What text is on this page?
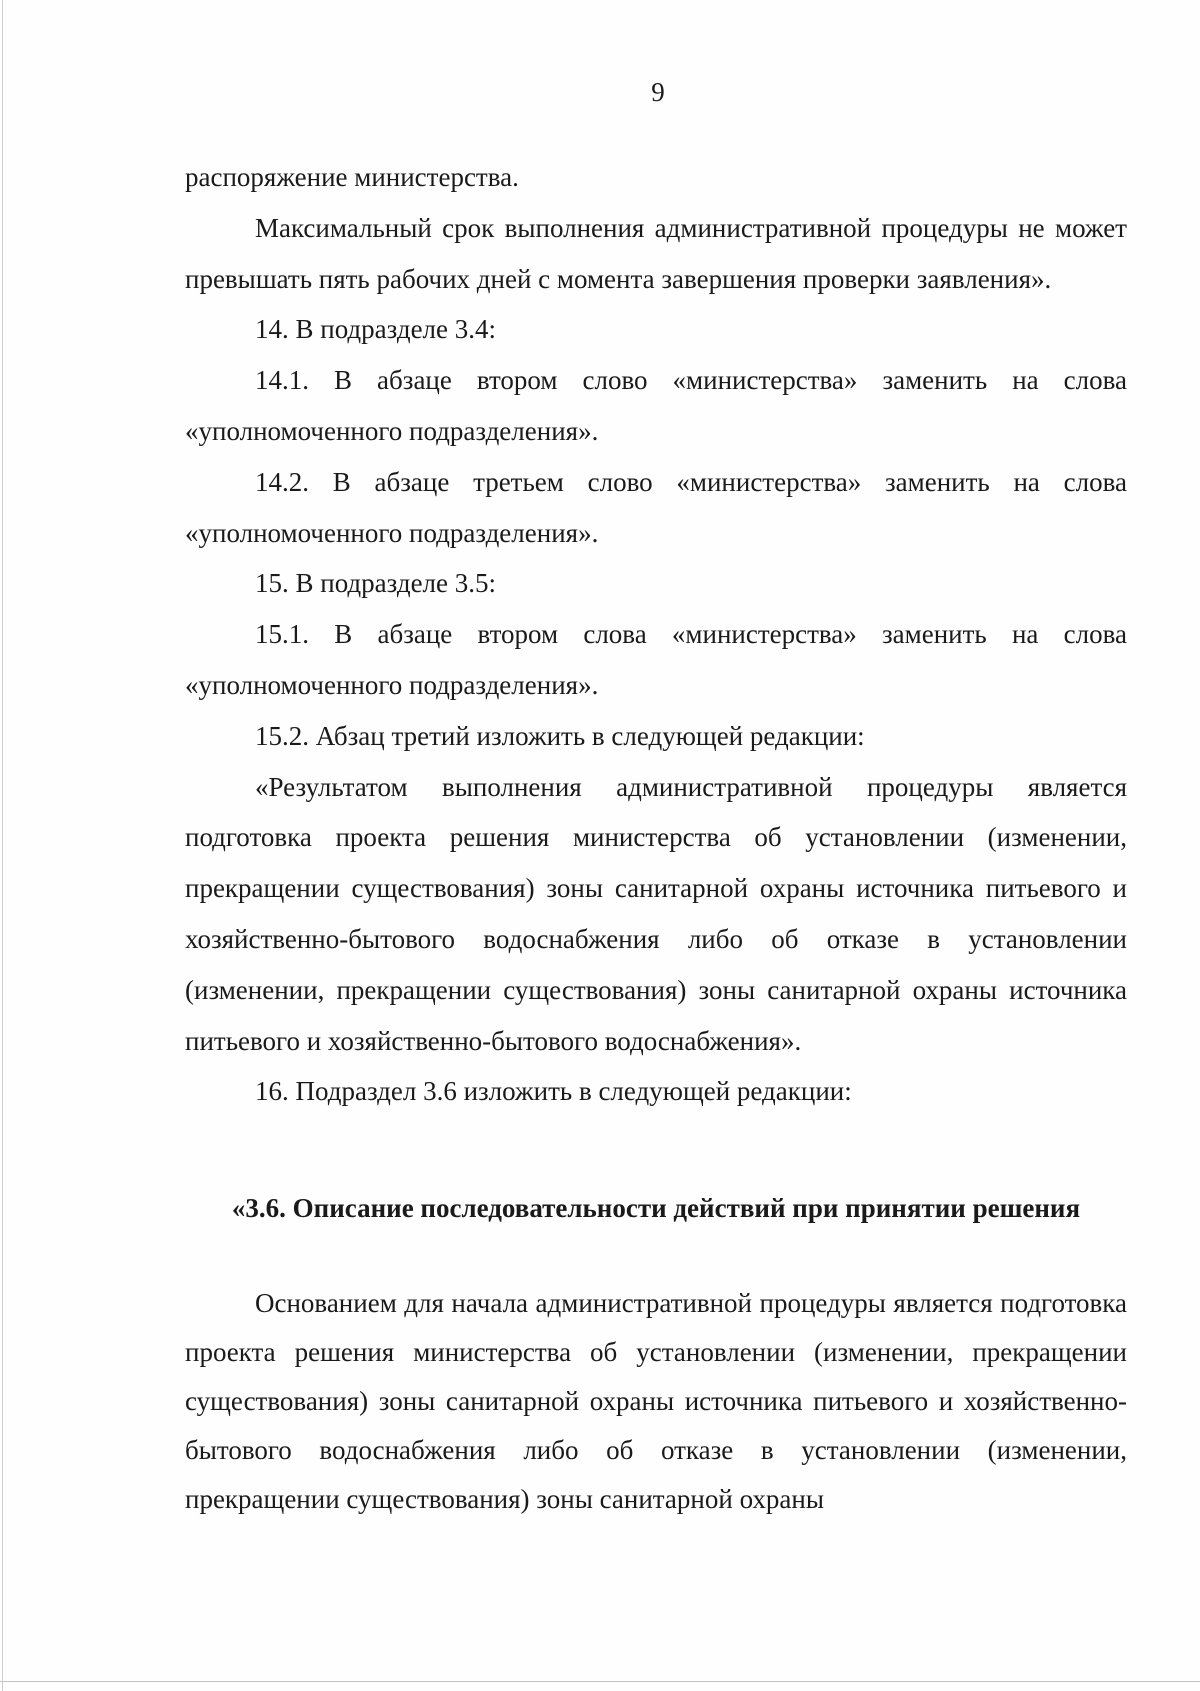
9

распоряжение министерства.

Максимальный срок выполнения административной процедуры не может превышать пять рабочих дней с момента завершения проверки заявления».

14. В подразделе 3.4:

14.1. В абзаце втором слово «министерства» заменить на слова «уполномоченного подразделения».

14.2. В абзаце третьем слово «министерства» заменить на слова «уполномоченного подразделения».

15. В подразделе 3.5:

15.1. В абзаце втором слова «министерства» заменить на слова «уполномоченного подразделения».

15.2. Абзац третий изложить в следующей редакции:

«Результатом выполнения административной процедуры является подготовка проекта решения министерства об установлении (изменении, прекращении существования) зоны санитарной охраны источника питьевого и хозяйственно-бытового водоснабжения либо об отказе в установлении (изменении, прекращении существования) зоны санитарной охраны источника питьевого и хозяйственно-бытового водоснабжения».

16. Подраздел 3.6 изложить в следующей редакции:

«3.6. Описание последовательности действий при принятии решения

Основанием для начала административной процедуры является подготовка проекта решения министерства об установлении (изменении, прекращении существования) зоны санитарной охраны источника питьевого и хозяйственно-бытового водоснабжения либо об отказе в установлении (изменении, прекращении существования) зоны санитарной охраны
